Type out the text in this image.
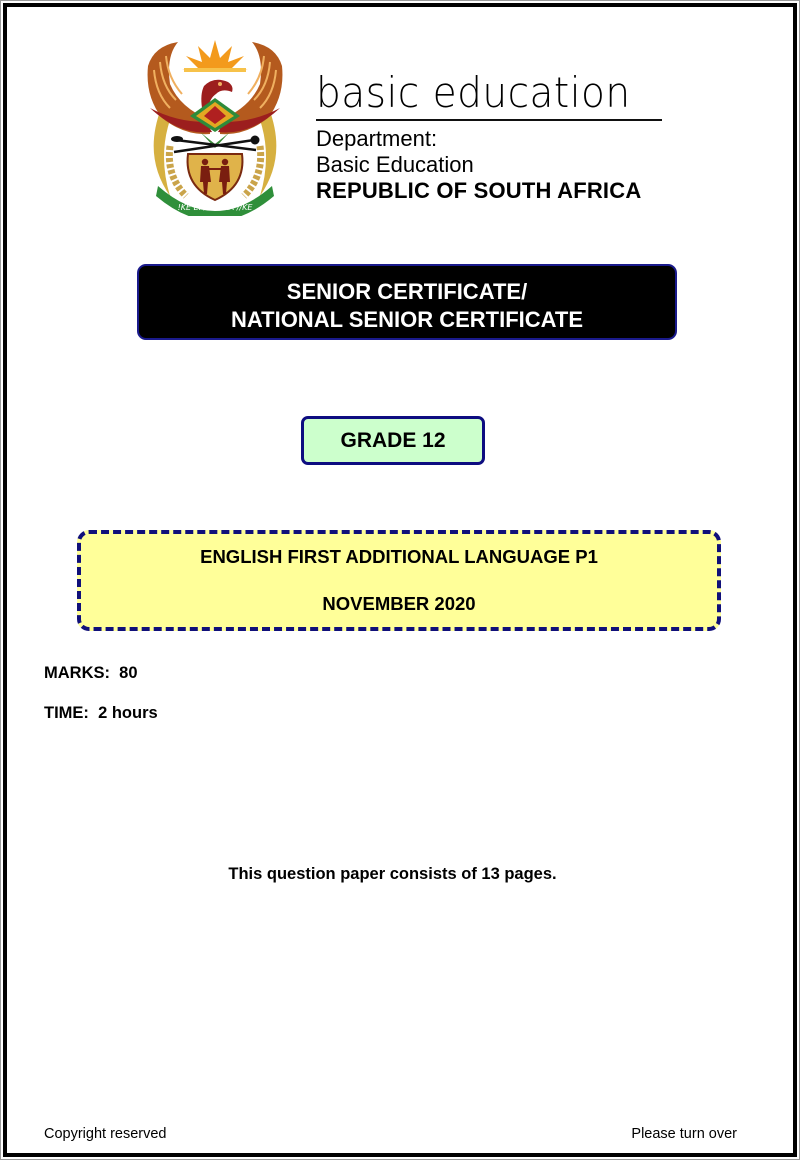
!KE E: /XARRA //KE
basic education
Department:
Basic Education
REPUBLIC OF SOUTH AFRICA
SENIOR CERTIFICATE/
NATIONAL SENIOR CERTIFICATE
GRADE 12
ENGLISH FIRST ADDITIONAL LANGUAGE P1
NOVEMBER 2020
MARKS:  80
TIME:  2 hours
This question paper consists of 13 pages.
Copyright reserved	Please turn over
